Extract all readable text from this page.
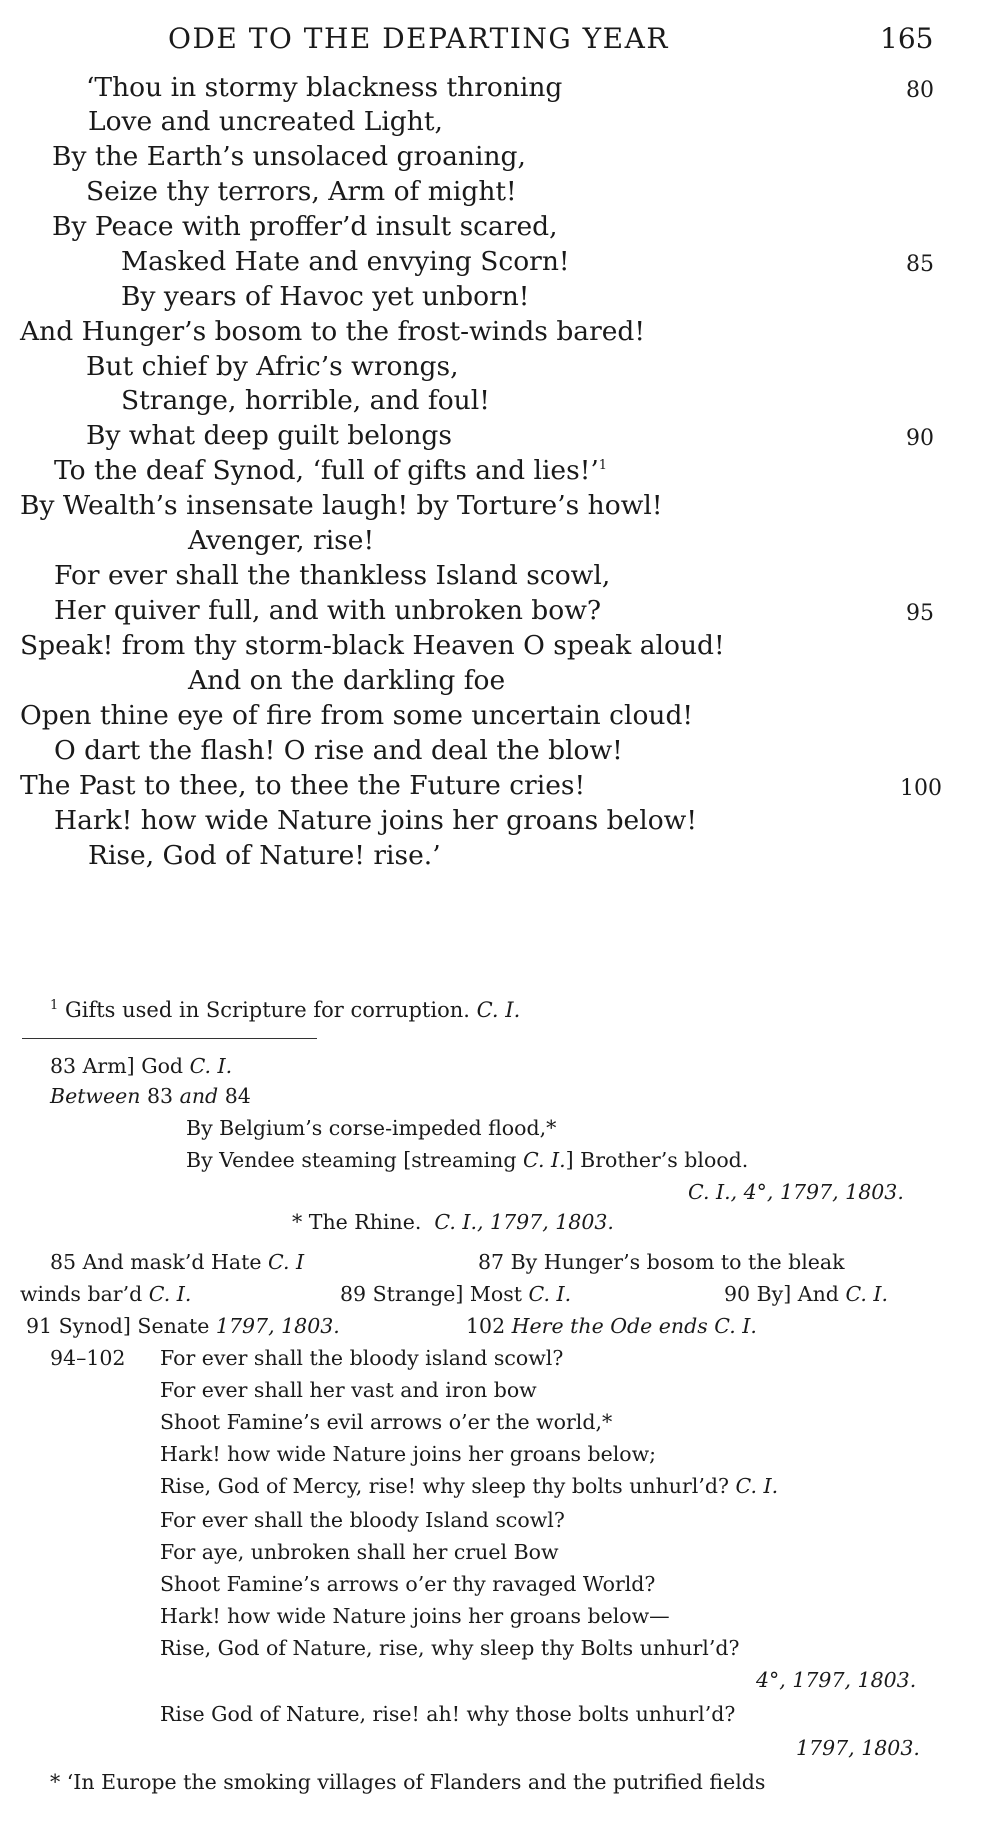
ODE TO THE DEPARTING YEAR	165
‘Thou in stormy blackness throning
Love and uncreated Light,
By the Earth’s unsolaced groaning,
Seize thy terrors, Arm of might!
By Peace with proffer’d insult scared,
Masked Hate and envying Scorn!
By years of Havoc yet unborn!
And Hunger’s bosom to the frost-winds bared!
But chief by Afric’s wrongs,
Strange, horrible, and foul!
By what deep guilt belongs
To the deaf Synod, ‘full of gifts and lies!’$^1$
By Wealth’s insensate laugh! by Torture’s howl!
Avenger, rise!
For ever shall the thankless Island scowl,
Her quiver full, and with unbroken bow?
Speak! from thy storm-black Heaven O speak aloud!
And on the darkling foe
Open thine eye of fire from some uncertain cloud!
O dart the flash! O rise and deal the blow!
The Past to thee, to thee the Future cries!
Hark! how wide Nature joins her groans below!
Rise, God of Nature! rise.’
80
85
90
95
100
$^1$ Gifts used in Scripture for corruption. C. I.
83 Arm] God C. I.
Between 83 and 84
By Belgium’s corse-impeded flood,*
By Vendee steaming [streaming C. I.] Brother’s blood.
C. I., 4°, 1797, 1803.
* The Rhine. C. I., 1797, 1803.
85 And mask’d Hate C. I	87 By Hunger’s bosom to the bleak
winds bar’d C. I.	89 Strange] Most C. I.	90 By] And C. I.
91 Synod] Senate 1797, 1803.	102 Here the Ode ends C. I.
94–102 For ever shall the bloody island scowl?
For ever shall her vast and iron bow
Shoot Famine’s evil arrows o’er the world,*
Hark! how wide Nature joins her groans below;
Rise, God of Mercy, rise! why sleep thy bolts unhurl’d? C. I.
For ever shall the bloody Island scowl?
For aye, unbroken shall her cruel Bow
Shoot Famine’s arrows o’er thy ravaged World?
Hark! how wide Nature joins her groans below—
Rise, God of Nature, rise, why sleep thy Bolts unhurl’d?
4°, 1797, 1803.
Rise God of Nature, rise! ah! why those bolts unhurl’d?
1797, 1803.
* ‘In Europe the smoking villages of Flanders and the putrified fields
